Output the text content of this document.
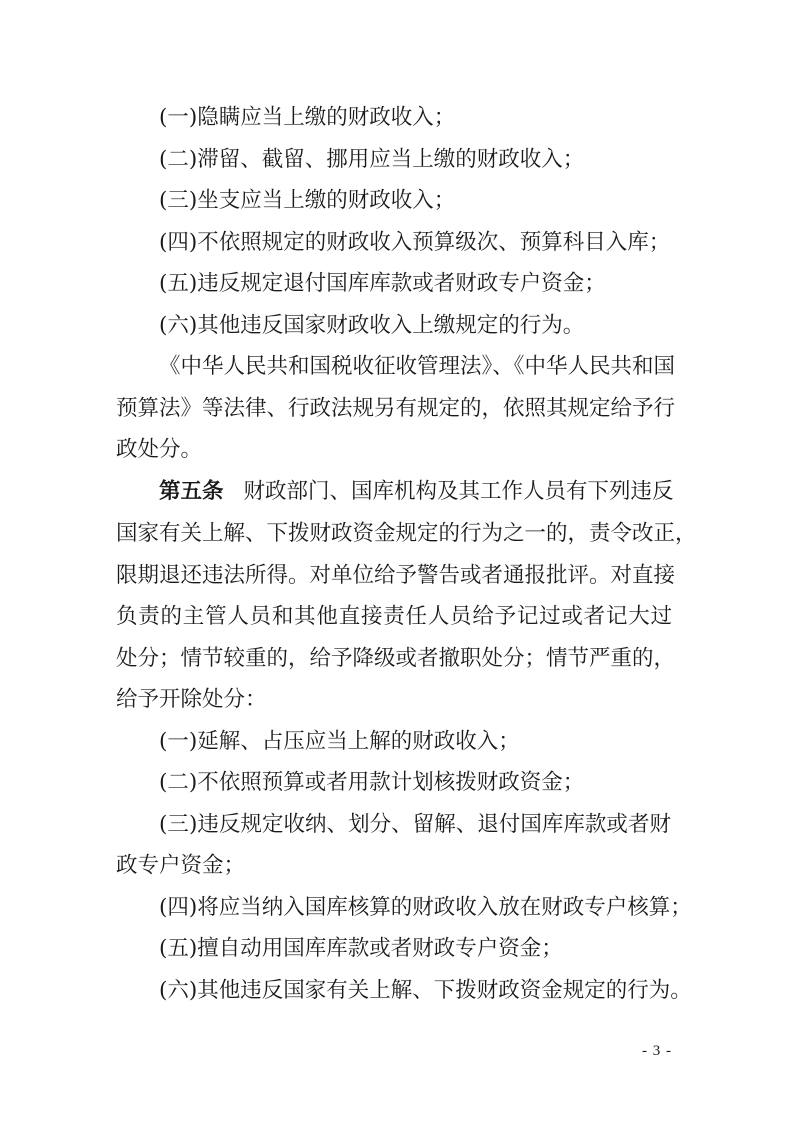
(一)隐瞒应当上缴的财政收入；
(二)滞留、截留、挪用应当上缴的财政收入；
(三)坐支应当上缴的财政收入；
(四)不依照规定的财政收入预算级次、预算科目入库；
(五)违反规定退付国库库款或者财政专户资金；
(六)其他违反国家财政收入上缴规定的行为。
《中华人民共和国税收征收管理法》、《中华人民共和国
预算法》等法律、行政法规另有规定的，依照其规定给予行
政处分。
第五条 财政部门、国库机构及其工作人员有下列违反
国家有关上解、下拨财政资金规定的行为之一的，责令改正，
限期退还违法所得。对单位给予警告或者通报批评。对直接
负责的主管人员和其他直接责任人员给予记过或者记大过
处分；情节较重的，给予降级或者撤职处分；情节严重的，
给予开除处分：
(一)延解、占压应当上解的财政收入；
(二)不依照预算或者用款计划核拨财政资金；
(三)违反规定收纳、划分、留解、退付国库库款或者财
政专户资金；
(四)将应当纳入国库核算的财政收入放在财政专户核算；
(五)擅自动用国库库款或者财政专户资金；
(六)其他违反国家有关上解、下拨财政资金规定的行为。
- 3 -
